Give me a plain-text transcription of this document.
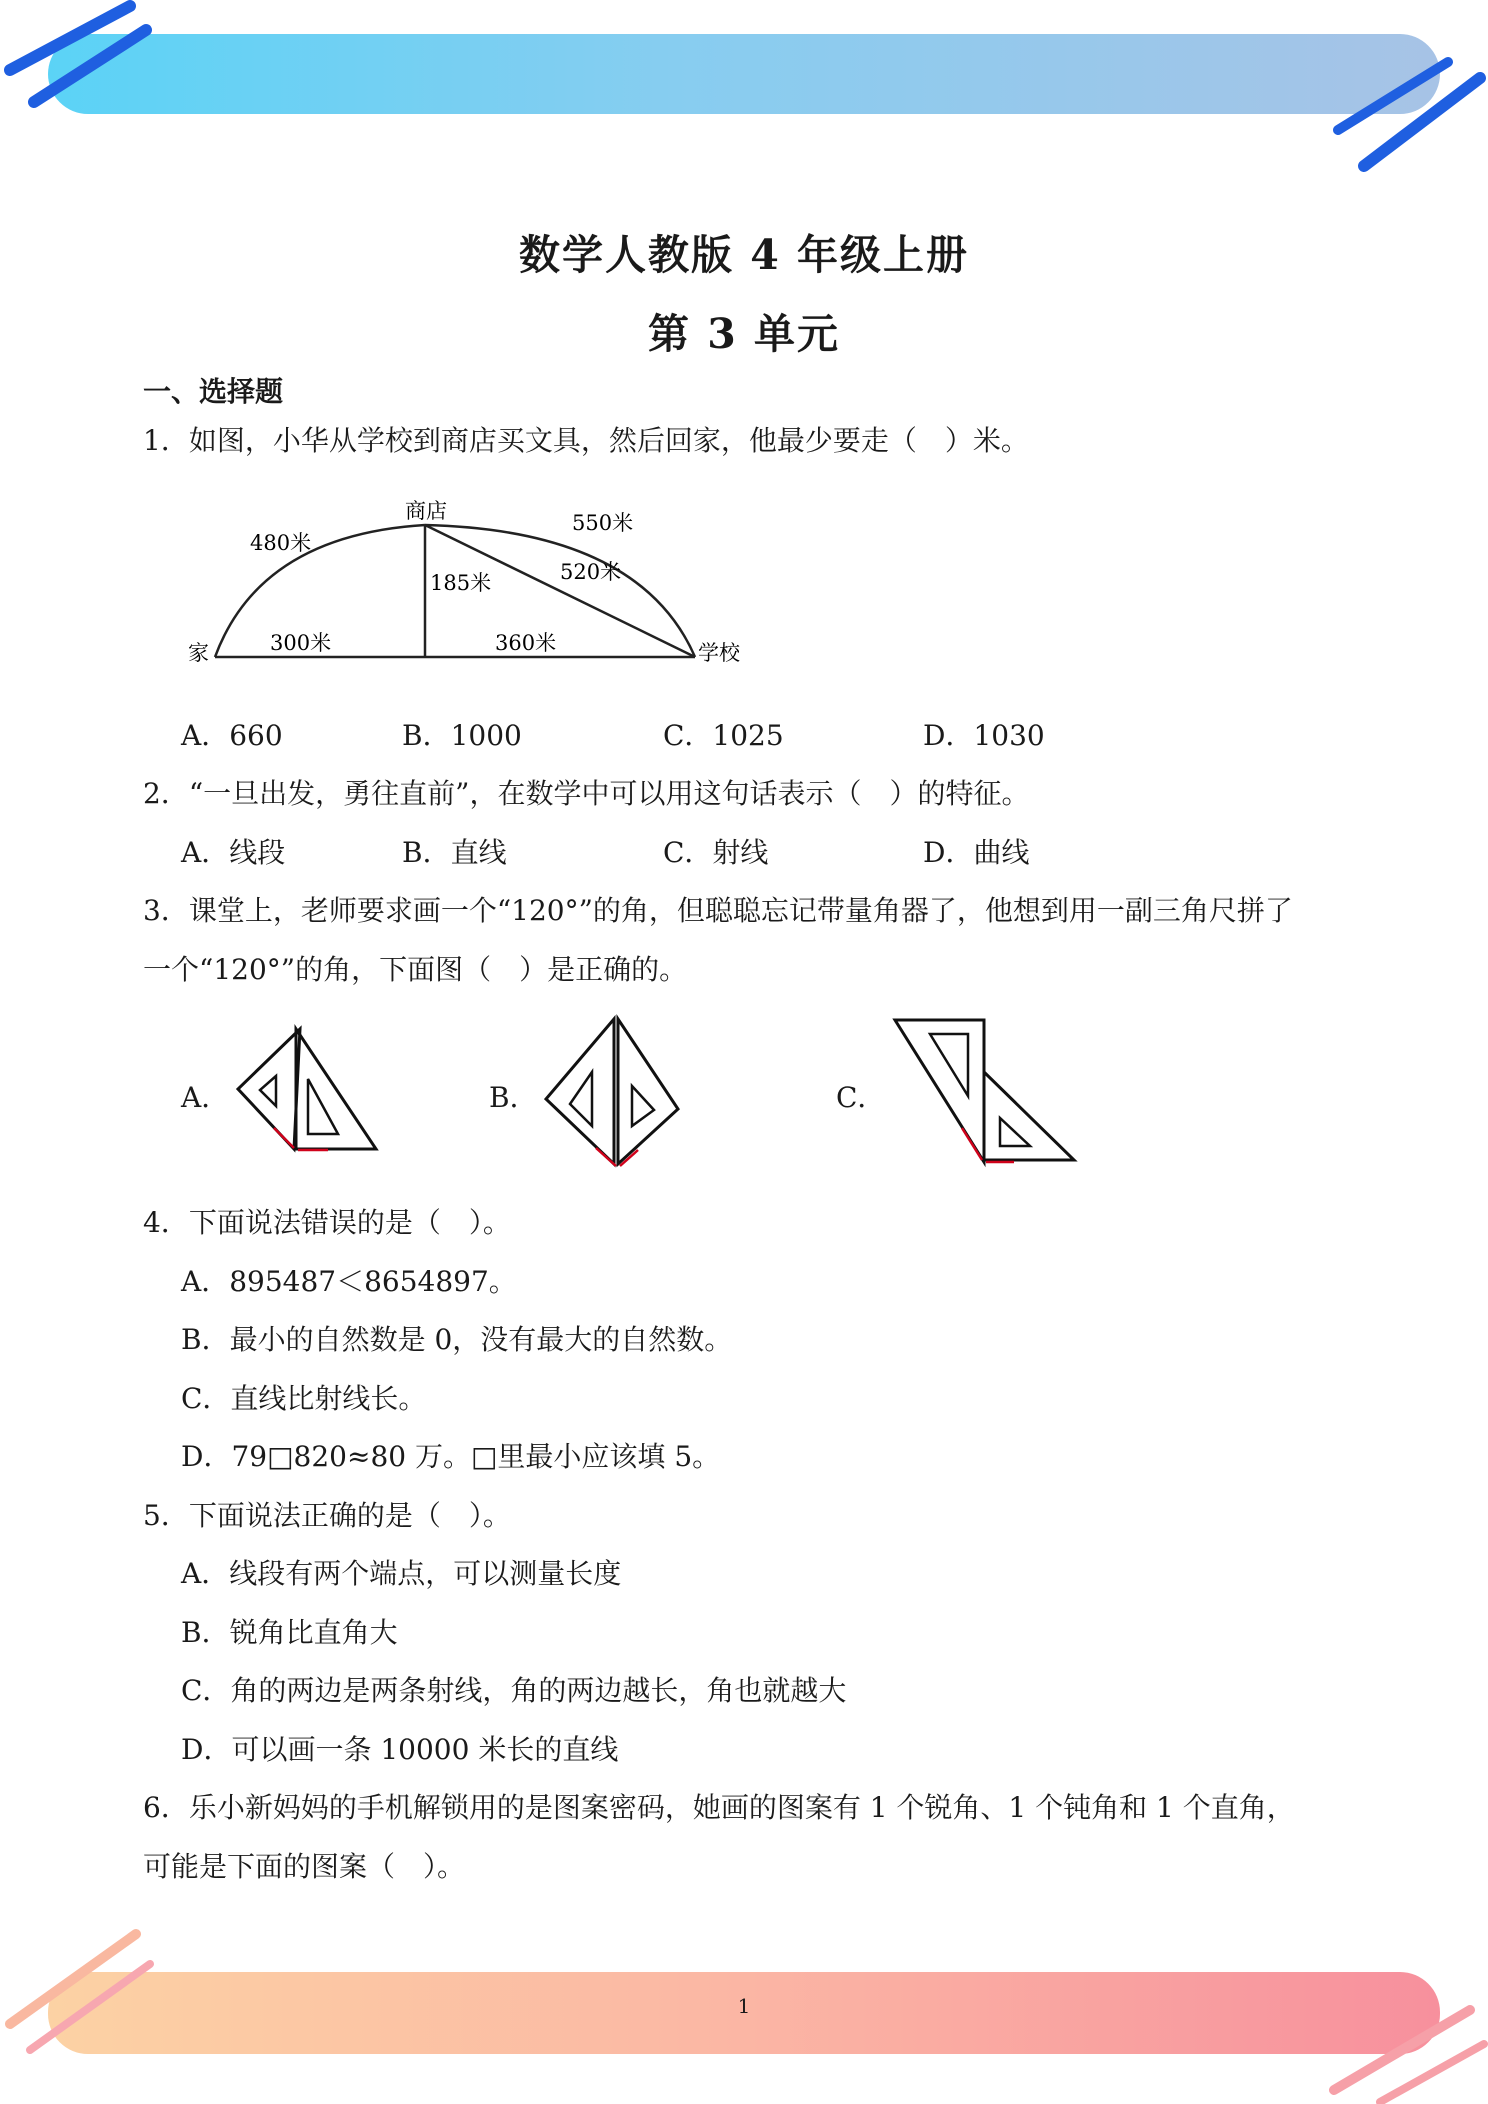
数学人教版 4 年级上册
第 3 单元
一、选择题
1．如图，小华从学校到商店买文具，然后回家，他最少要走（　）米。
商店
家	学校
480米
550米
185米	520米
300米	360米
A．660	B．1000	C．1025	D．1030
2．“一旦出发，勇往直前”，在数学中可以用这句话表示（　）的特征。
A．线段	B．直线	C．射线	D．曲线
3．课堂上，老师要求画一个“120°”的角，但聪聪忘记带量角器了，他想到用一副三角尺拼了
一个“120°”的角，下面图（　）是正确的。
A．	B．	C．
4．下面说法错误的是（　）。
A．895487＜8654897。
B．最小的自然数是 0，没有最大的自然数。
C．直线比射线长。
D．79□820≈80 万。□里最小应该填 5。
5．下面说法正确的是（　）。
A．线段有两个端点，可以测量长度
B．锐角比直角大
C．角的两边是两条射线，角的两边越长，角也就越大
D．可以画一条 10000 米长的直线
6．乐小新妈妈的手机解锁用的是图案密码，她画的图案有 1 个锐角、1 个钝角和 1 个直角，
可能是下面的图案（　）。
1
